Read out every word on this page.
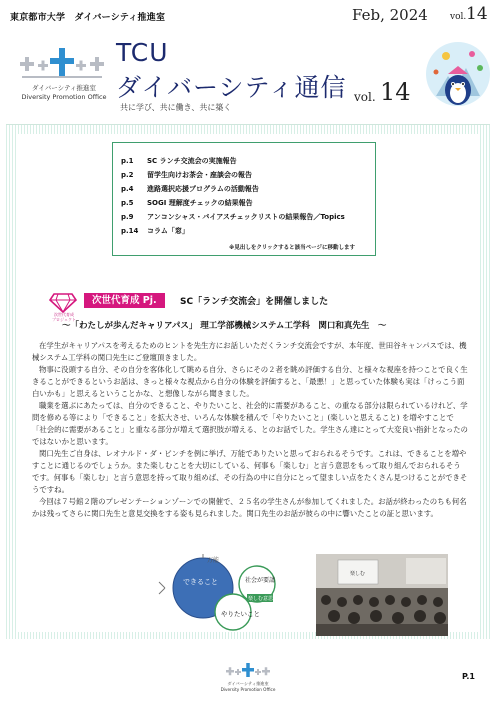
東京都市大学　ダイバーシティ推進室	Feb, 2024 vol. 14
ダイバーシティ推進室
Diversity Promotion Office
TCU
ダイバーシティ通信
共に学び、共に働き、共に築く
vol. 14
p.1 SC ランチ交流会の実施報告
p.2 留学生向けお茶会・座談会の報告
p.4 進路選択応援プログラムの活動報告
p.5 SOGI 理解度チェックの結果報告
p.9 アンコンシャス・バイアスチェックリストの結果報告／Topics
p.14 コラム「窓」
※見出しをクリックすると該当ページに移動します
次世代育成
プロジェクト
次世代育成 Pj.	SC「ランチ交流会」を開催しました
～「わたしが歩んだキャリアパス」 理工学部機械システム工学科　関口和真先生　～

在学生がキャリアパスを考えるためのヒントを先生方にお話しいただくランチ交流会ですが、本年度、世田谷キャンパスでは、機械システム工学科の関口先生にご登壇頂きました。

物事に没頭する自分、その自分を客体化して眺める自分、さらにその２者を眺め評価する自分、と様々な視座を持つことで良く生きることができるというお話は、きっと様々な視点から自分の体験を評価すると、「最悪！」と思っていた体験も実は「けっこう面白いかも」と思えるということかな、と想像しながら聞きました。

職業を選ぶにあたっては、自分のできること、やりたいこと、社会的に需要があること、の重なる部分は限られているけれど、学問を修める等により「できること」を拡大させ、いろんな体験を積んで「やりたいこと」(楽しいと思えること) を増やすことで「社会的に需要があること」と重なる部分が増えて選択肢が増える、とのお話でした。学生さん達にとって大変良い指針となったのではないかと思います。

関口先生ご自身は、レオナルド・ダ・ビンチを例に挙げ、万能でありたいと思っておられるそうです。これは、できることを増やすことに通じるのでしょうか。また楽しむことを大切にしている、何事も「楽しむ」と言う意思をもって取り組んでおられるそうです。何事も「楽しむ」と言う意思を持って取り組めば、その行為の中に自分にとって望ましい点をたくさん見つけることができそうですね。

今回は７号館２階のプレゼンテーションゾーンでの開催で、２５名の学生さんが参加してくれました。お話が終わったのちも何名かは残ってさらに関口先生と意見交換をする姿も見られました。関口先生のお話が彼らの中に響いたことの証と思います。

万能
できること	社会が要請
楽しむ意思
やりたいこと
楽しむ
ダイバーシティ推進室
Diversity Promotion Office
P.1
